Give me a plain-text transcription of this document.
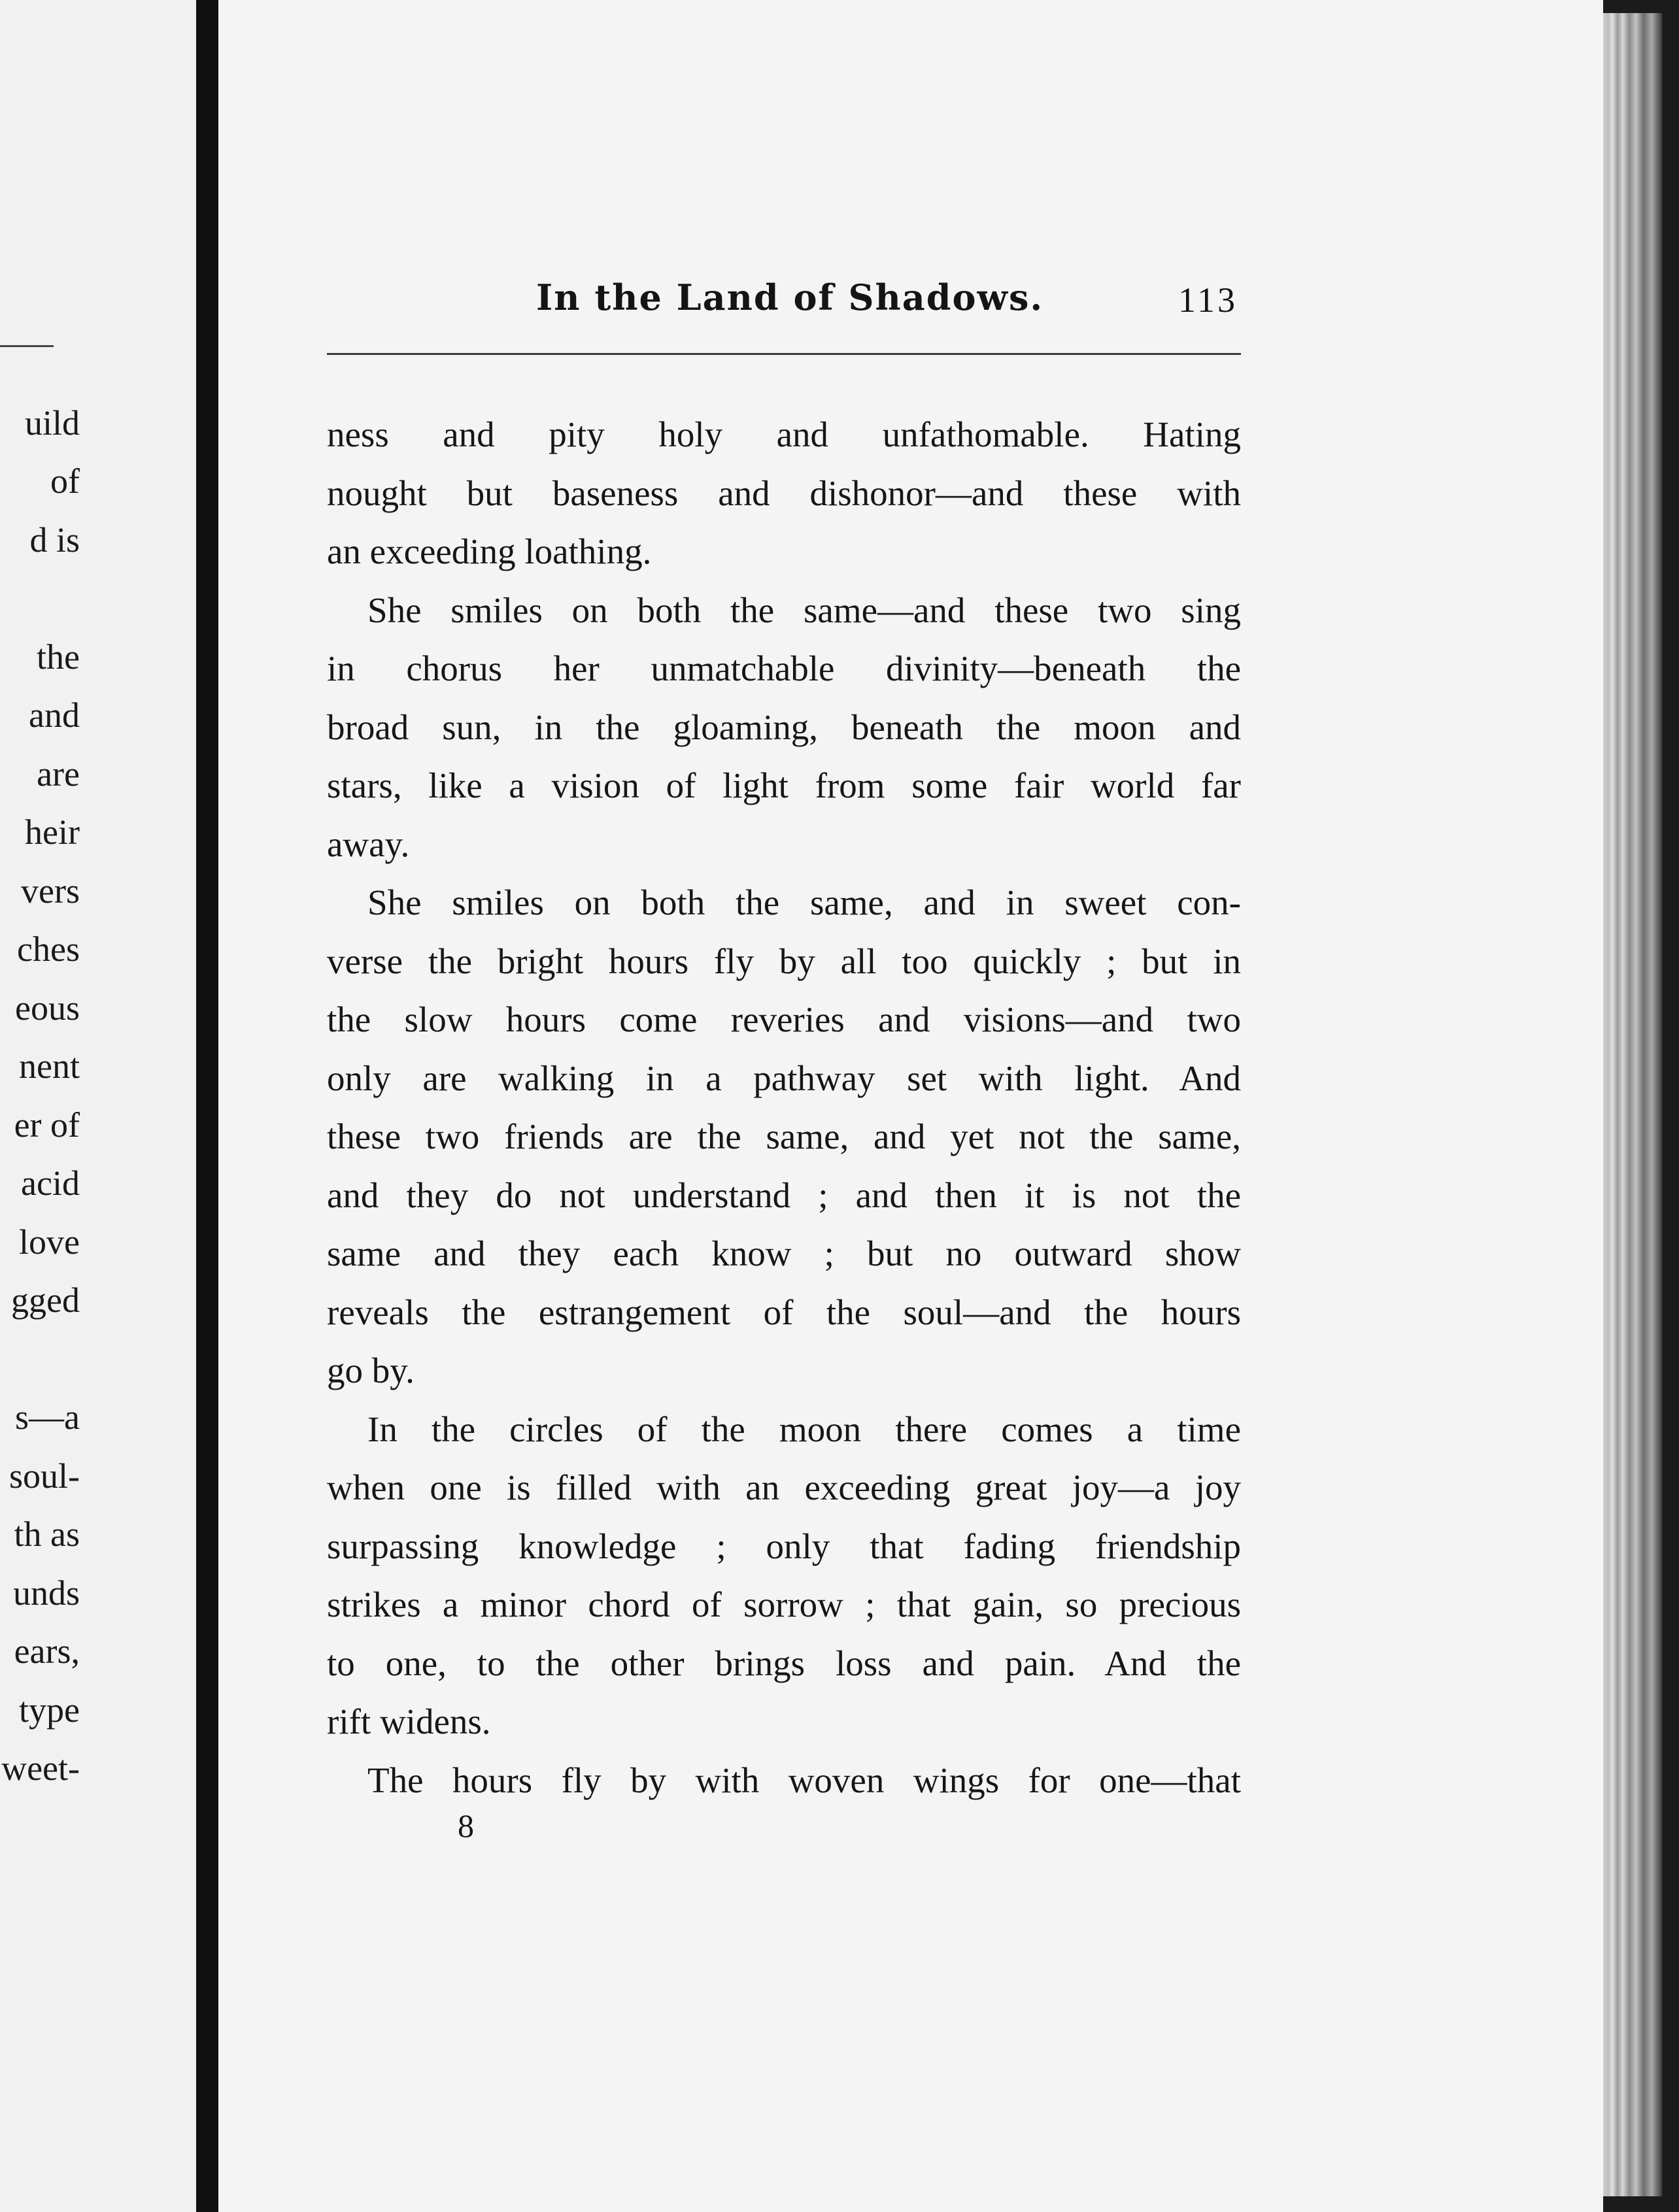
uild
of
d is
the
and
are
heir
vers
ches
eous
nent
er of
acid
love
gged
s—a
soul-
th as
unds
ears,
type
weet-
In the Land of Shadows.	113
ness and pity holy and unfathomable. Hating
nought but baseness and dishonor—and these with
an exceeding loathing.
She smiles on both the same—and these two sing
in chorus her unmatchable divinity—beneath the
broad sun, in the gloaming, beneath the moon and
stars, like a vision of light from some fair world far
away.
She smiles on both the same, and in sweet con-
verse the bright hours fly by all too quickly ; but in
the slow hours come reveries and visions—and two
only are walking in a pathway set with light. And
these two friends are the same, and yet not the same,
and they do not understand ; and then it is not the
same and they each know ; but no outward show
reveals the estrangement of the soul—and the hours
go by.
In the circles of the moon there comes a time
when one is filled with an exceeding great joy—a joy
surpassing knowledge ; only that fading friendship
strikes a minor chord of sorrow ; that gain, so precious
to one, to the other brings loss and pain. And the
rift widens.
The hours fly by with woven wings for one—that
8
